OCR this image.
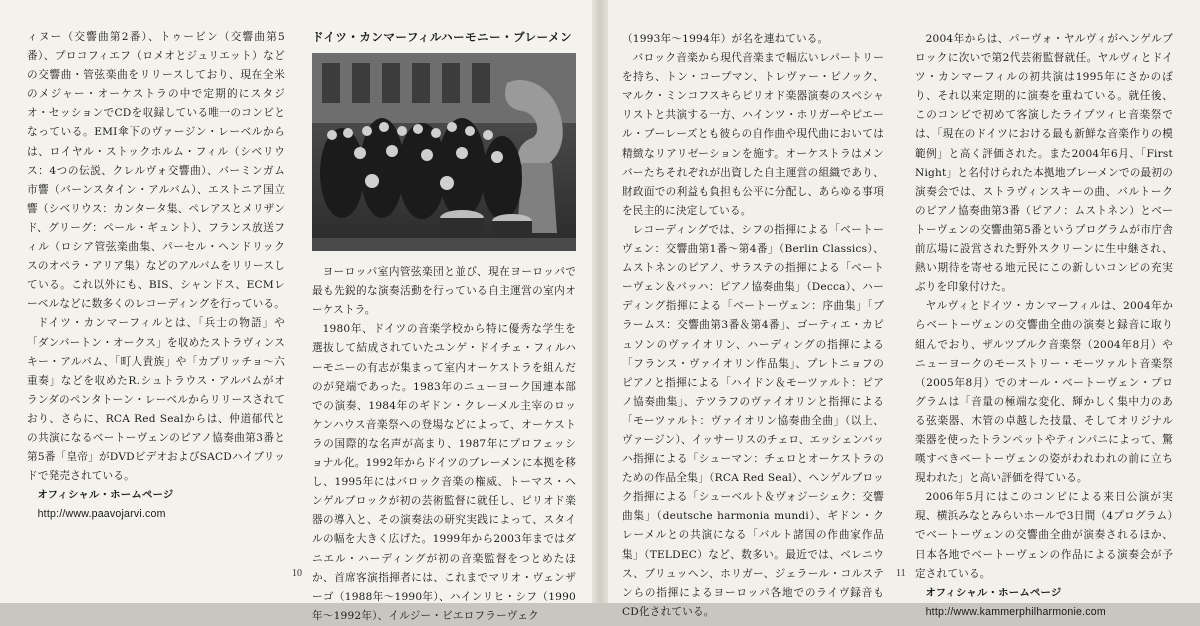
ィヌー（交響曲第2番）、トゥービン（交響曲第5番）、プロコフィエフ（ロメオとジュリエット）などの交響曲・管弦楽曲をリリースしており、現在全米のメジャー・オーケストラの中で定期的にスタジオ・セッションでCDを収録している唯一のコンビとなっている。EMI傘下のヴァージン・レーベルからは、ロイヤル・ストックホルム・フィル（シベリウス：4つの伝説、クレルヴォ交響曲）、バーミンガム市響（バーンスタイン・アルバム）、エストニア国立響（シベリウス：カンタータ集、ペレアスとメリザンド、グリーグ：ペール・ギュント）、フランス放送フィル（ロシア管弦楽曲集、パーセル・ヘンドリックスのオペラ・アリア集）などのアルバムをリリースしている。これ以外にも、BIS、シャンドス、ECMレーベルなどに数多くのレコーディングを行っている。

ドイツ・カンマーフィルとは、「兵士の物語」や「ダンバートン・オークス」を収めたストラヴィンスキー・アルバム、「町人貴族」や「カプリッチョ～六重奏」などを収めたR.シュトラウス・アルバムがオランダのペンタトーン・レーベルからリリースされており、さらに、RCA Red Sealからは、仲道郁代との共演になるベートーヴェンのピアノ協奏曲第3番と第5番「皇帝」がDVDビデオおよびSACDハイブリッドで発売されている。

オフィシャル・ホームページ

http://www.paavojarvi.com

ドイツ・カンマーフィルハーモニー・ブレーメン

ヨーロッパ室内管弦楽団と並び、現在ヨーロッパで最も先鋭的な演奏活動を行っている自主運営の室内オーケストラ。

1980年、ドイツの音楽学校から特に優秀な学生を選抜して結成されていたユンゲ・ドイチェ・フィルハーモニーの有志が集まって室内オーケストラを組んだのが発端であった。1983年のニューヨーク国連本部での演奏、1984年のギドン・クレーメル主宰のロッケンハウス音楽祭への登場などによって、オーケストラの国際的な名声が高まり、1987年にプロフェッショナル化。1992年からドイツのブレーメンに本拠を移し、1995年にはバロック音楽の権威、トーマス・ヘンゲルブロックが初の芸術監督に就任し、ピリオド楽器の導入と、その演奏法の研究実践によって、スタイルの幅を大きく広げた。1999年から2003年まではダニエル・ハーディングが初の音楽監督をつとめたほか、首席客演指揮者には、これまでマリオ・ヴェンザーゴ（1988年～1990年）、ハインリヒ・シフ（1990年～1992年）、イルジー・ビエロフラーヴェク

10	11

（1993年～1994年）が名を連ねている。

バロック音楽から現代音楽まで幅広いレパートリーを持ち、トン・コープマン、トレヴァー・ピノック、マルク・ミンコフスキらピリオド楽器演奏のスペシャリストと共演する一方、ハインツ・ホリガーやピエール・ブーレーズとも彼らの自作曲や現代曲においては精緻なリアリゼーションを施す。オーケストラはメンバーたちそれぞれが出資した自主運営の組織であり、財政面での利益も負担も公平に分配し、あらゆる事項を民主的に決定している。

レコーディングでは、シフの指揮による「ベートーヴェン：交響曲第1番～第4番」（Berlin Classics）、ムストネンのピアノ、サラステの指揮による「ベートーヴェン＆バッハ：ピアノ協奏曲集」（Decca）、ハーディング指揮による「ベートーヴェン：序曲集」「ブラームス：交響曲第3番＆第4番」、ゴーティエ・カピュソンのヴァイオリン、ハーディングの指揮による「フランス・ヴァイオリン作品集」、プレトニョフのピアノと指揮による「ハイドン＆モーツァルト：ピアノ協奏曲集」、テツラフのヴァイオリンと指揮による「モーツァルト：ヴァイオリン協奏曲全曲」（以上、ヴァージン）、イッサーリスのチェロ、エッシェンバッハ指揮による「シューマン：チェロとオーケストラのための作品全集」（RCA Red Seal）、ヘンゲルブロック指揮による「シューベルト＆ヴォジーシェク：交響曲集」（deutsche harmonia mundi）、ギドン・クレーメルとの共演になる「バルト諸国の作曲家作品集」（TELDEC）など、数多い。最近では、ベレニウス、ブリュッヘン、ホリガー、ジェラール・コルステンらの指揮によるヨーロッパ各地でのライヴ録音もCD化されている。

2004年からは、パーヴォ・ヤルヴィがヘンゲルブロックに次いで第2代芸術監督就任。ヤルヴィとドイツ・カンマーフィルの初共演は1995年にさかのぼり、それ以来定期的に演奏を重ねている。就任後、このコンビで初めて客演したライプツィヒ音楽祭では、「現在のドイツにおける最も新鮮な音楽作りの模範例」と高く評価された。また2004年6月、「First Night」と名付けられた本拠地ブレーメンでの最初の演奏会では、ストラヴィンスキーの曲、バルトークのピアノ協奏曲第3番（ピアノ：ムストネン）とベートーヴェンの交響曲第5番というプログラムが市庁舎前広場に設営された野外スクリーンに生中継され、熱い期待を寄せる地元民にこの新しいコンビの充実ぶりを印象付けた。

ヤルヴィとドイツ・カンマーフィルは、2004年からベートーヴェンの交響曲全曲の演奏と録音に取り組んでおり、ザルツブルク音楽祭（2004年8月）やニューヨークのモーストリー・モーツァルト音楽祭（2005年8月）でのオール・ベートーヴェン・プログラムは「音量の極端な変化、輝かしく集中力のある弦楽器、木管の卓越した技量、そしてオリジナル楽器を使ったトランペットやティンパニによって、驚嘆すべきベートーヴェンの姿がわれわれの前に立ち現われた」と高い評価を得ている。

2006年5月にはこのコンビによる来日公演が実現、横浜みなとみらいホールで3日間（4プログラム）でベートーヴェンの交響曲全曲が演奏されるほか、日本各地でベートーヴェンの作品による演奏会が予定されている。

オフィシャル・ホームページ

http://www.kammerphilharmonie.com
